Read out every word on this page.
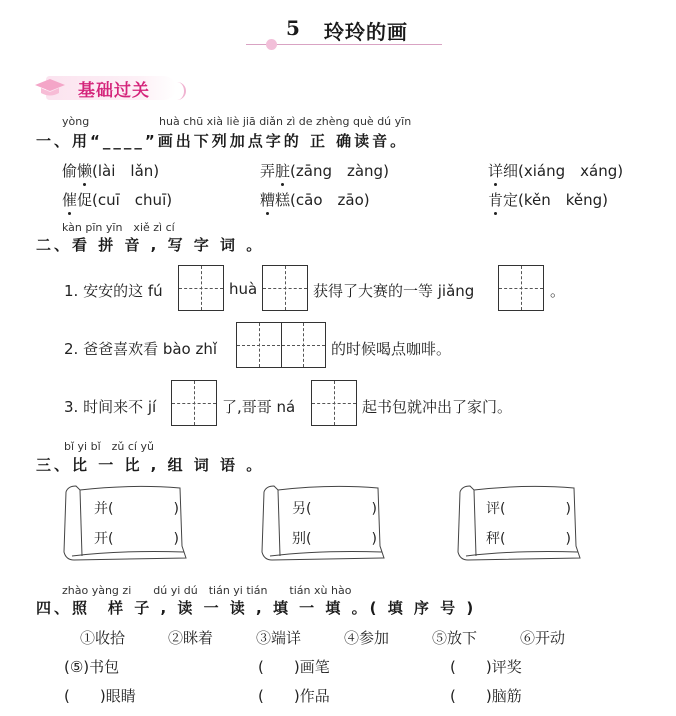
5 玲玲的画
基础过关
yòng	huà chū xià liè jiā diǎn zì de zhèng què dú yīn
一、用“____”画出下列加点字的 正 确读音。
偷懒(lài　lǎn)	弄脏(zāng　zàng)	详细(xiáng　xáng)
催促(cuī　chuī)	糟糕(cāo　zāo)	肯定(kěn　kěng)
kàn pīn yīn　xiě zì cí
二、看 拼 音 , 写 字 词 。
1. 安安的这 fú	huà	获得了大赛的一等 jiǎng	。
2. 爸爸喜欢看 bào zhǐ	的时候喝点咖啡。
3. 时间来不 jí	了,哥哥 ná	起书包就冲出了家门。
bǐ yi bǐ　zǔ cí yǔ
三、比 一 比 , 组 词 语 。
并(	)
开(	)
另(	)
别(	)
评(	)
秤(	)
zhào yàng zi　　dú yi dú　tián yi tián　　tián xù hào
四、照　样 子 , 读 一 读 , 填 一 填 。( 填 序 号 )
①收拾	②眯着	③端详	④参加	⑤放下	⑥开动
(⑤)书包	(　　)画笔	(　　)评奖
(　　)眼睛	(　　)作品	(　　)脑筋
